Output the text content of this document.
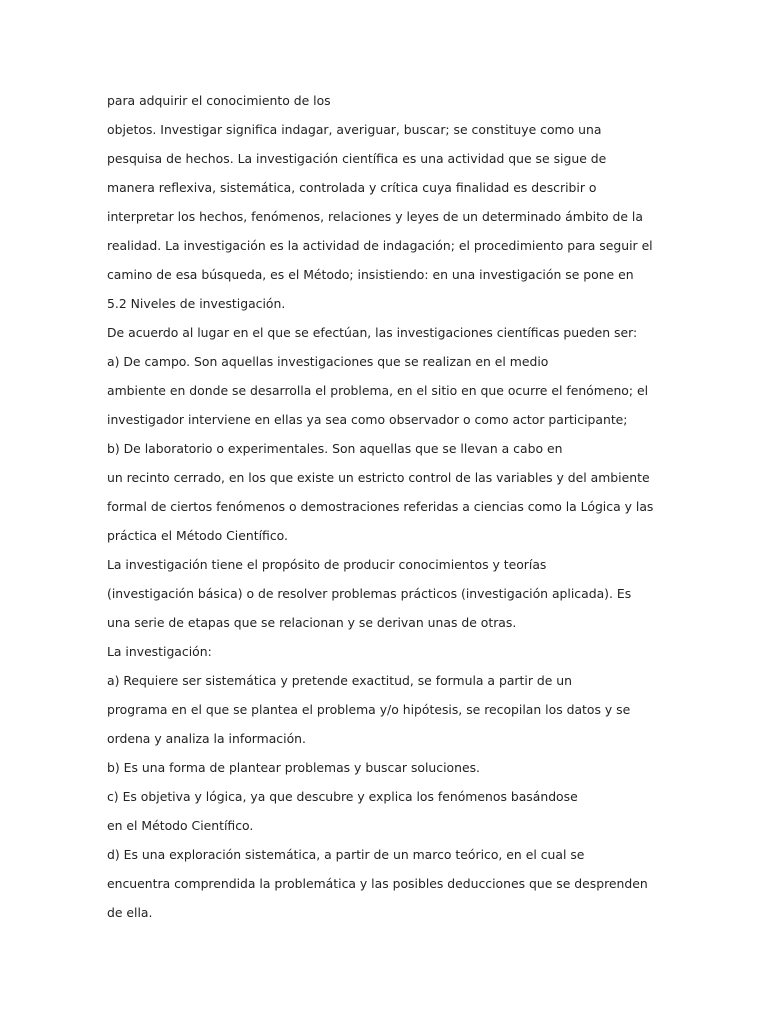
para adquirir el conocimiento de los
objetos. Investigar significa indagar, averiguar, buscar; se constituye como una
pesquisa de hechos. La investigación científica es una actividad que se sigue de
manera reflexiva, sistemática, controlada y crítica cuya finalidad es describir o
interpretar los hechos, fenómenos, relaciones y leyes de un determinado ámbito de la
realidad. La investigación es la actividad de indagación; el procedimiento para seguir el
camino de esa búsqueda, es el Método; insistiendo: en una investigación se pone en
5.2 Niveles de investigación.
De acuerdo al lugar en el que se efectúan, las investigaciones científicas pueden ser:
a) De campo. Son aquellas investigaciones que se realizan en el medio
ambiente en donde se desarrolla el problema, en el sitio en que ocurre el fenómeno; el
investigador interviene en ellas ya sea como observador o como actor participante;
b) De laboratorio o experimentales. Son aquellas que se llevan a cabo en
un recinto cerrado, en los que existe un estricto control de las variables y del ambiente
formal de ciertos fenómenos o demostraciones referidas a ciencias como la Lógica y las
práctica el Método Científico.
La investigación tiene el propósito de producir conocimientos y teorías
(investigación básica) o de resolver problemas prácticos (investigación aplicada). Es
una serie de etapas que se relacionan y se derivan unas de otras.
La investigación:
a) Requiere ser sistemática y pretende exactitud, se formula a partir de un
programa en el que se plantea el problema y/o hipótesis, se recopilan los datos y se
ordena y analiza la información.
b) Es una forma de plantear problemas y buscar soluciones.
c) Es objetiva y lógica, ya que descubre y explica los fenómenos basándose
en el Método Científico.
d) Es una exploración sistemática, a partir de un marco teórico, en el cual se
encuentra comprendida la problemática y las posibles deducciones que se desprenden
de ella.
